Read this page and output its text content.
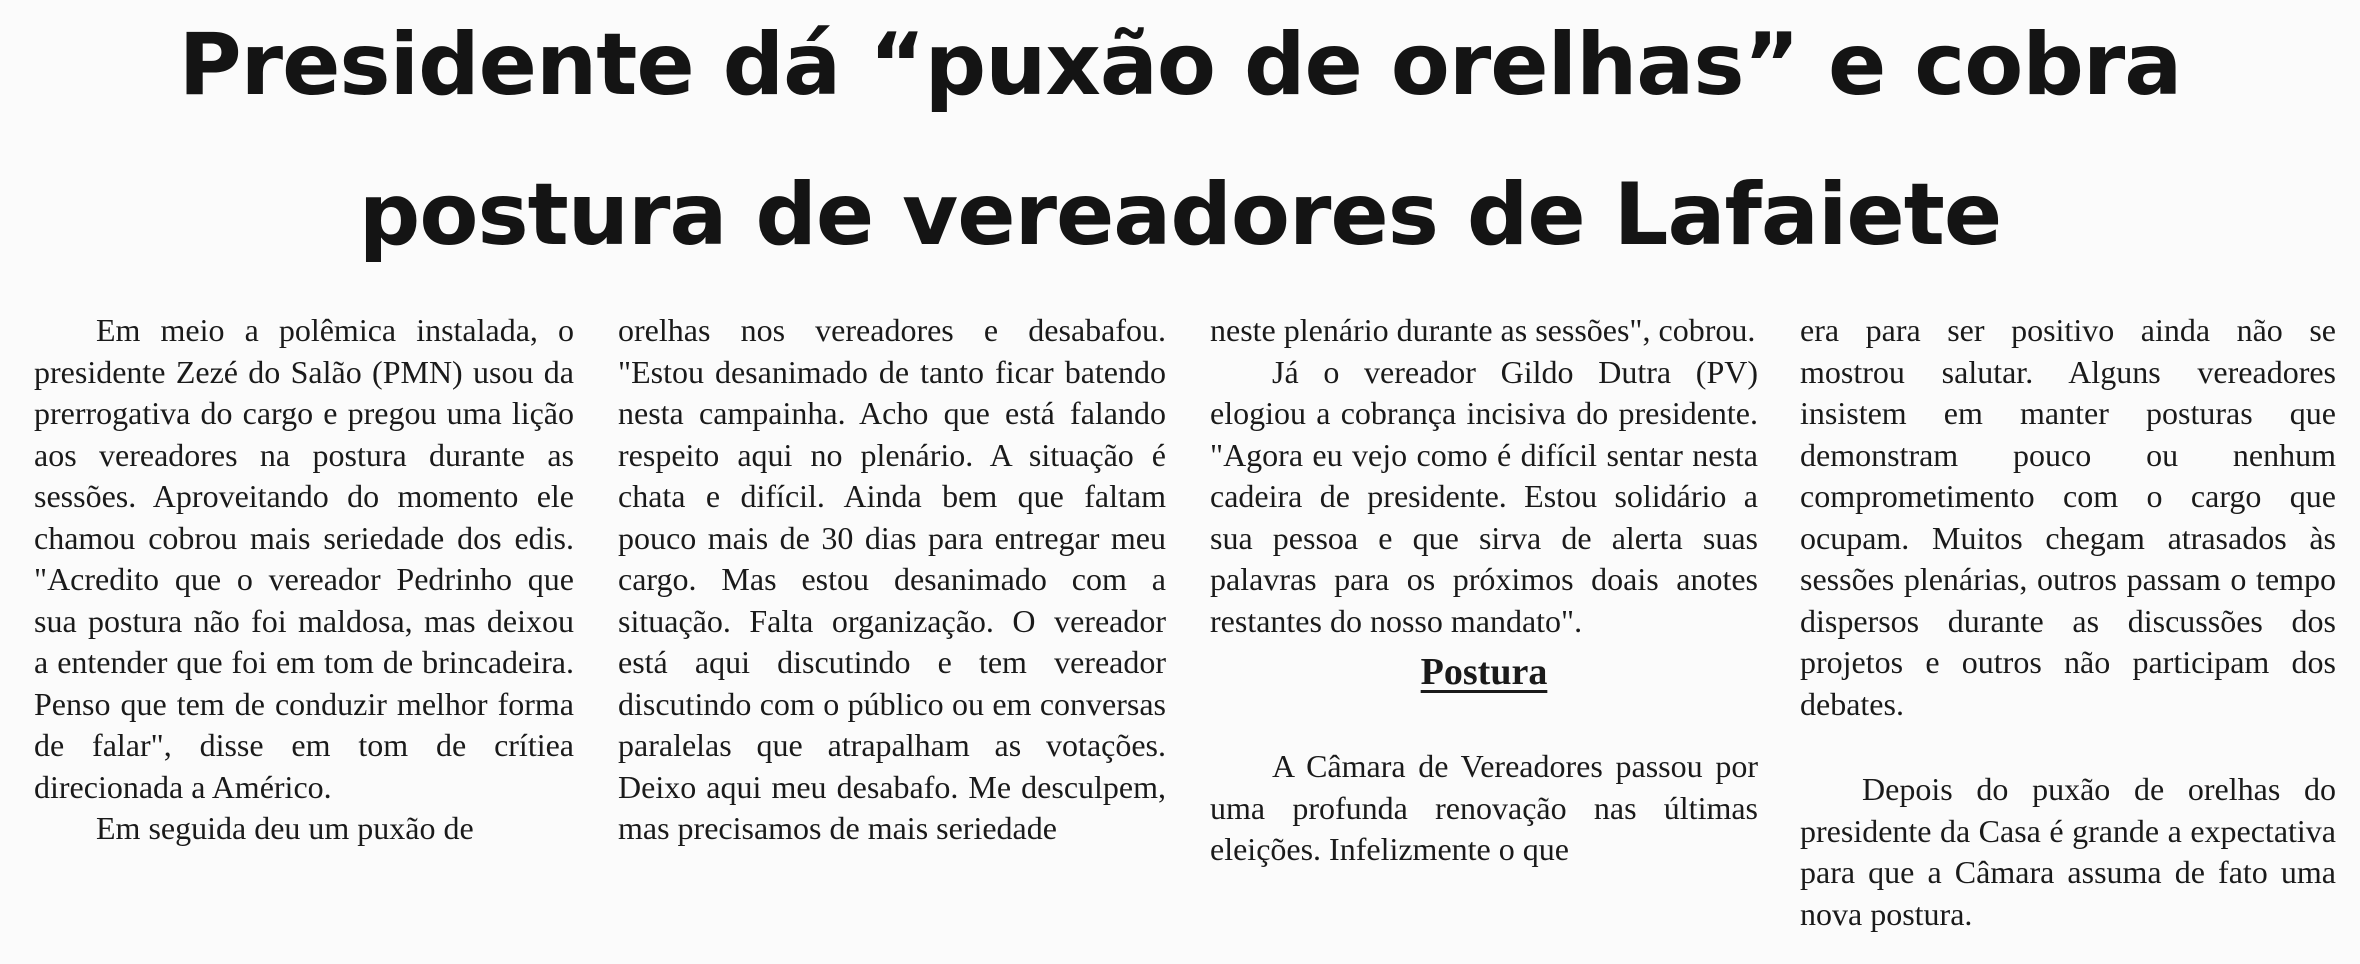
Presidente dá “puxão de orelhas” e cobra
postura de vereadores de Lafaiete

Em meio a polêmica instalada, o presidente Zezé do Salão (PMN) usou da prerrogativa do cargo e pregou uma lição aos vereadores na postura durante as sessões. Aproveitando do momento ele chamou cobrou mais seriedade dos edis. "Acredito que o vereador Pedrinho que sua postura não foi maldosa, mas deixou a entender que foi em tom de brincadeira. Penso que tem de conduzir melhor forma de falar", disse em tom de crítiea direcionada a Américo.

Em seguida deu um puxão de

orelhas nos vereadores e desabafou. "Estou desanimado de tanto ficar batendo nesta campainha. Acho que está falando respeito aqui no plenário. A situação é chata e difícil. Ainda bem que faltam pouco mais de 30 dias para entregar meu cargo. Mas estou desanimado com a situação. Falta organização. O vereador está aqui discutindo e tem vereador discutindo com o público ou em conversas paralelas que atrapalham as votações. Deixo aqui meu desabafo. Me desculpem, mas precisamos de mais seriedade

neste plenário durante as sessões", cobrou.

Já o vereador Gildo Dutra (PV) elogiou a cobrança incisiva do presidente. "Agora eu vejo como é difícil sentar nesta cadeira de presidente. Estou solidário a sua pessoa e que sirva de alerta suas palavras para os próximos doais anotes restantes do nosso mandato".

Postura

A Câmara de Vereadores passou por uma profunda renovação nas últimas eleições. Infelizmente o que

era para ser positivo ainda não se mostrou salutar. Alguns vereadores insistem em manter posturas que demonstram pouco ou nenhum comprometimento com o cargo que ocupam. Muitos chegam atrasados às sessões plenárias, outros passam o tempo dispersos durante as discussões dos projetos e outros não participam dos debates.

Depois do puxão de orelhas do presidente da Casa é grande a expectativa para que a Câmara assuma de fato uma nova postura.
